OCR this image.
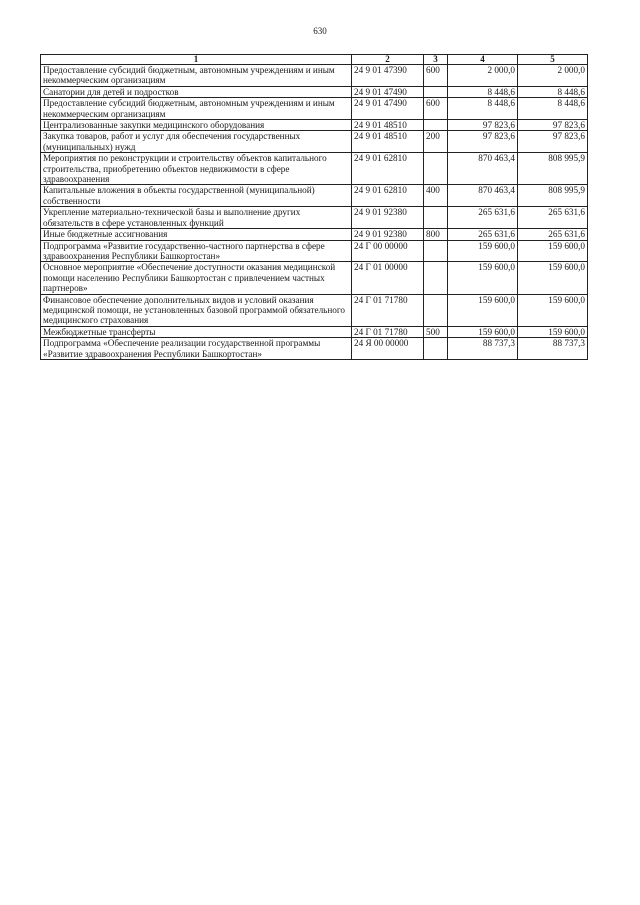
630
1	2	3	4	5
Предоставление субсидий бюджетным, автономным учреждениям и иным некоммерческим организациям	24 9 01 47390	600	2 000,0	2 000,0
Санатории для детей и подростков	24 9 01 47490		8 448,6	8 448,6
Предоставление субсидий бюджетным, автономным учреждениям и иным некоммерческим организациям	24 9 01 47490	600	8 448,6	8 448,6
Централизованные закупки медицинского оборудования	24 9 01 48510		97 823,6	97 823,6
Закупка товаров, работ и услуг для обеспечения государственных (муниципальных) нужд	24 9 01 48510	200	97 823,6	97 823,6
Мероприятия по реконструкции и строительству объектов капитального строительства, приобретению объектов недвижимости в сфере здравоохранения	24 9 01 62810		870 463,4	808 995,9
Капитальные вложения в объекты государственной (муниципальной) собственности	24 9 01 62810	400	870 463,4	808 995,9
Укрепление материально-технической базы и выполнение других обязательств в сфере установленных функций	24 9 01 92380		265 631,6	265 631,6
Иные бюджетные ассигнования	24 9 01 92380	800	265 631,6	265 631,6
Подпрограмма «Развитие государственно-частного партнерства в сфере здравоохранения Республики Башкортостан»	24 Г 00 00000		159 600,0	159 600,0
Основное мероприятие «Обеспечение доступности оказания медицинской помощи населению Республики Башкортостан с привлечением частных партнеров»	24 Г 01 00000		159 600,0	159 600,0
Финансовое обеспечение дополнительных видов и условий оказания медицинской помощи, не установленных базовой программой обязательного медицинского страхования	24 Г 01 71780		159 600,0	159 600,0
Межбюджетные трансферты	24 Г 01 71780	500	159 600,0	159 600,0
Подпрограмма «Обеспечение реализации государственной программы «Развитие здравоохранения Республики Башкортостан»	24 Я 00 00000		88 737,3	88 737,3
